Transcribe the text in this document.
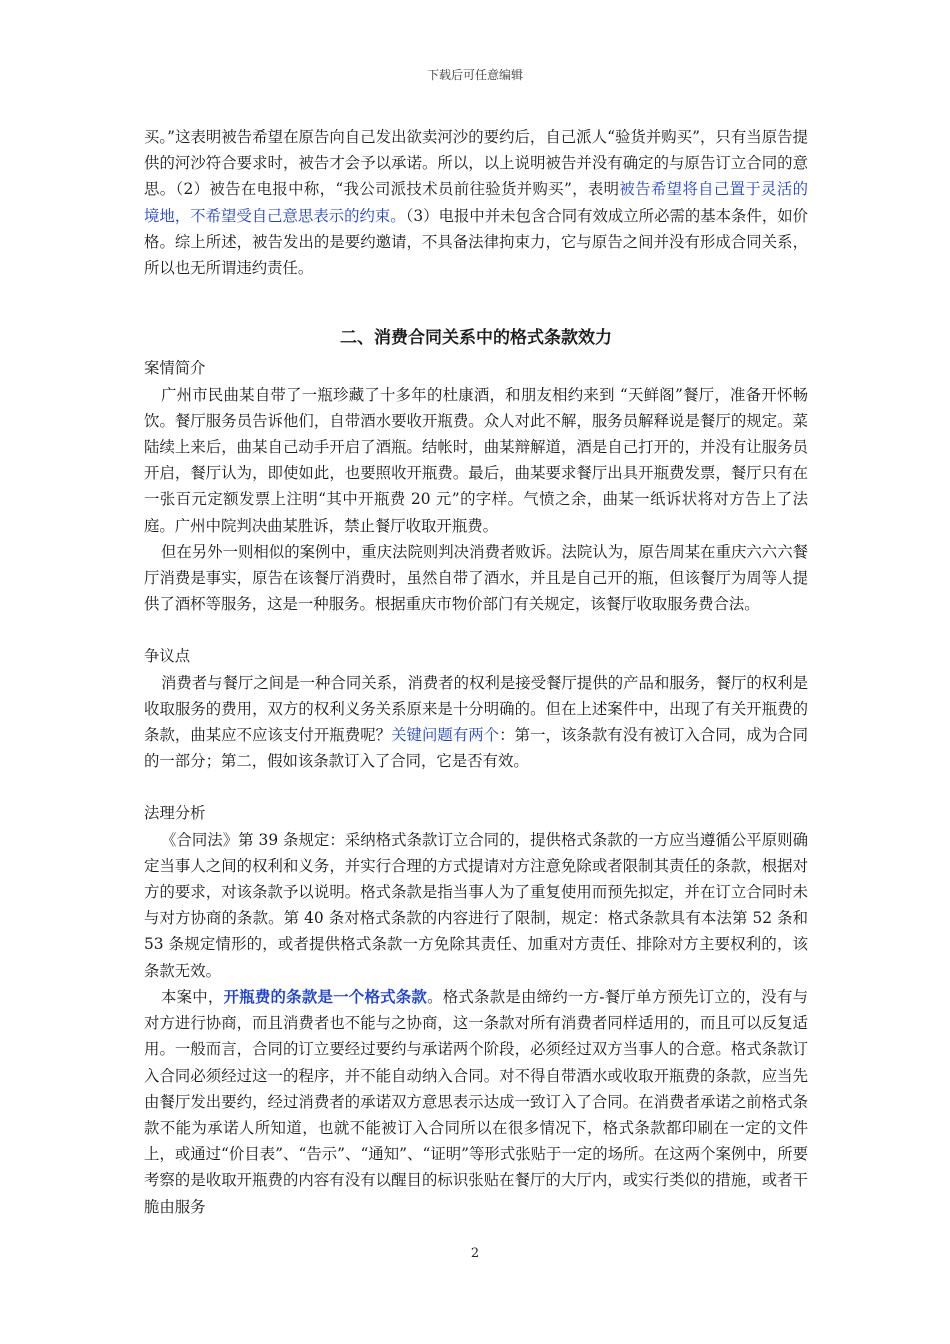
下载后可任意编辑

买。”这表明被告希望在原告向自己发出欲卖河沙的要约后，自己派人“验货并购买”，只有当原告提供的河沙符合要求时，被告才会予以承诺。所以，以上说明被告并没有确定的与原告订立合同的意思。（2）被告在电报中称，“我公司派技术员前往验货并购买”，表明被告希望将自己置于灵活的境地，不希望受自己意思表示的约束。（3）电报中并未包含合同有效成立所必需的基本条件，如价格。综上所述，被告发出的是要约邀请，不具备法律拘束力，它与原告之间并没有形成合同关系，所以也无所谓违约责任。

二、消费合同关系中的格式条款效力

案情简介

广州市民曲某自带了一瓶珍藏了十多年的杜康酒，和朋友相约来到 “天鲜阁”餐厅，准备开怀畅饮。餐厅服务员告诉他们，自带酒水要收开瓶费。众人对此不解，服务员解释说是餐厅的规定。菜陆续上来后，曲某自己动手开启了酒瓶。结帐时，曲某辩解道，酒是自己打开的，并没有让服务员开启，餐厅认为，即使如此，也要照收开瓶费。最后，曲某要求餐厅出具开瓶费发票，餐厅只有在一张百元定额发票上注明“其中开瓶费 20 元”的字样。气愤之余，曲某一纸诉状将对方告上了法庭。广州中院判决曲某胜诉，禁止餐厅收取开瓶费。

但在另外一则相似的案例中，重庆法院则判决消费者败诉。法院认为，原告周某在重庆六六六餐厅消费是事实，原告在该餐厅消费时，虽然自带了酒水，并且是自己开的瓶，但该餐厅为周等人提供了酒杯等服务，这是一种服务。根据重庆市物价部门有关规定，该餐厅收取服务费合法。

争议点

消费者与餐厅之间是一种合同关系，消费者的权利是接受餐厅提供的产品和服务，餐厅的权利是收取服务的费用，双方的权利义务关系原来是十分明确的。但在上述案件中，出现了有关开瓶费的条款，曲某应不应该支付开瓶费呢？关键问题有两个：第一，该条款有没有被订入合同，成为合同的一部分；第二，假如该条款订入了合同，它是否有效。

法理分析

《合同法》第 39 条规定：采纳格式条款订立合同的，提供格式条款的一方应当遵循公平原则确定当事人之间的权利和义务，并实行合理的方式提请对方注意免除或者限制其责任的条款，根据对方的要求，对该条款予以说明。格式条款是指当事人为了重复使用而预先拟定，并在订立合同时未与对方协商的条款。第 40 条对格式条款的内容进行了限制，规定：格式条款具有本法第 52 条和 53 条规定情形的，或者提供格式条款一方免除其责任、加重对方责任、排除对方主要权利的，该条款无效。

本案中，开瓶费的条款是一个格式条款。格式条款是由缔约一方-餐厅单方预先订立的，没有与对方进行协商，而且消费者也不能与之协商，这一条款对所有消费者同样适用的，而且可以反复适用。一般而言，合同的订立要经过要约与承诺两个阶段，必须经过双方当事人的合意。格式条款订入合同必须经过这一的程序，并不能自动纳入合同。对不得自带酒水或收取开瓶费的条款，应当先由餐厅发出要约，经过消费者的承诺双方意思表示达成一致订入了合同。在消费者承诺之前格式条款不能为承诺人所知道，也就不能被订入合同所以在很多情况下，格式条款都印刷在一定的文件上，或通过“价目表”、“告示”、“通知”、“证明”等形式张贴于一定的场所。在这两个案例中，所要考察的是收取开瓶费的内容有没有以醒目的标识张贴在餐厅的大厅内，或实行类似的措施，或者干脆由服务

2
